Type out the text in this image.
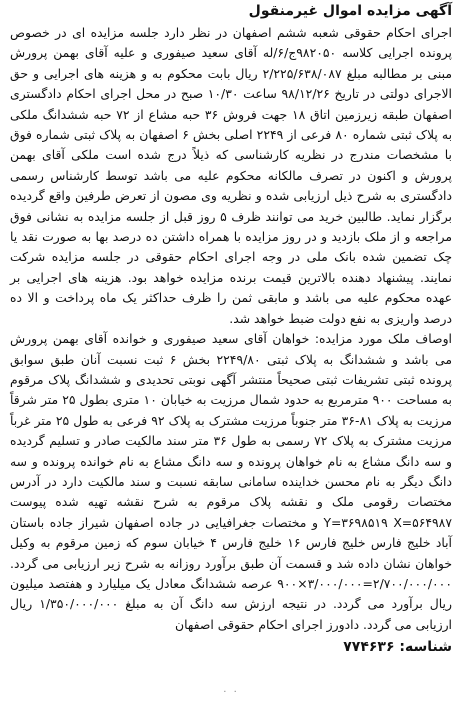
آگهی مزایده اموال غیرمنقول

اجرای احکام حقوقی شعبه ششم اصفهان در نظر دارد جلسه مزایده ای در خصوص پرونده اجرایی کلاسه ۹۸۲۰۵۰ج/۶/له آقای سعید صیفوری و علیه آقای بهمن پرورش مبنی بر مطالبه مبلغ ۲/۲۲۵/۶۳۸/۰۸۷ ریال بابت محکوم به و هزینه های اجرایی و حق الاجرای دولتی در تاریخ ۹۸/۱۲/۲۶ ساعت ۱۰/۳۰ صبح در محل اجرای احکام دادگستری اصفهان طبقه زیرزمین اتاق ۱۸ جهت فروش ۳۶ حبه مشاع از ۷۲ حبه ششدانگ ملکی به پلاک ثبتی شماره ۸۰ فرعی از ۲۲۴۹ اصلی بخش ۶ اصفهان به پلاک ثبتی شماره فوق با مشخصات مندرج در نظریه کارشناسی که ذیلاً درج شده است ملکی آقای بهمن پرورش و اکنون در تصرف مالکانه محکوم علیه می باشد توسط کارشناس رسمی دادگستری به شرح ذیل ارزیابی شده و نظریه وی مصون از تعرض طرفین واقع گردیده برگزار نماید. طالبین خرید می توانند ظرف ۵ روز قبل از جلسه مزایده به نشانی فوق مراجعه و از ملک بازدید و در روز مزایده با همراه داشتن ده درصد بها به صورت نقد یا چک تضمین شده بانک ملی در وجه اجرای احکام حقوقی در جلسه مزایده شرکت نمایند. پیشنهاد دهنده بالاترین قیمت برنده مزایده خواهد بود. هزینه های اجرایی بر عهده محکوم علیه می باشد و مابقی ثمن را ظرف حداکثر یک ماه پرداخت و الا ده درصد واریزی به نفع دولت ضبط خواهد شد.

اوصاف ملک مورد مزایده: خواهان آقای سعید صیفوری و خوانده آقای بهمن پرورش می باشد و ششدانگ به پلاک ثبتی ۲۲۴۹/۸۰ بخش ۶ ثبت نسبت آنان طبق سوابق پرونده ثبتی تشریفات ثبتی صحیحاً منتشر آگهی نوبتی تحدیدی و ششدانگ پلاک مرقوم به مساحت ۹۰۰ مترمربع به حدود شمال مرزیت به خیابان ۱۰ متری بطول ۲۵ متر شرقاً مرزیت به پلاک ۸۱-۳۶ متر جنوباً مرزیت مشترک به پلاک ۹۲ فرعی به طول ۲۵ متر غرباً مرزیت مشترک به پلاک ۷۲ رسمی به طول ۳۶ متر سند مالکیت صادر و تسلیم گردیده و سه دانگ مشاع به نام خواهان پرونده و سه دانگ مشاع به نام خوانده پرونده و سه دانگ دیگر به نام محسن خداینده سامانی سابقه نسبت و سند مالکیت دارد در آدرس مختصات رقومی ملک و نقشه پلاک مرقوم به شرح نقشه تهیه شده پیوست Y=۳۶۹۸۵۱۹ X=۵۶۴۹۸۷ و مختصات جغرافیایی در جاده اصفهان شیراز جاده باستان آباد خلیج فارس خلیج فارس ۱۶ خلیج فارس ۴ خیابان سوم که زمین مرقوم به وکیل خواهان نشان داده شد و قسمت آن طبق برآورد روزانه به شرح زیر ارزیابی می گردد. ۲/۷۰۰/۰۰۰/۰۰۰=۳/۰۰۰/۰۰۰×۹۰۰ عرصه ششدانگ معادل یک میلیارد و هفتصد میلیون ریال برآورد می گردد. در نتیجه ارزش سه دانگ آن به مبلغ ۱/۳۵۰/۰۰۰/۰۰۰ ریال ارزیابی می گردد. دادورز اجرای احکام حقوقی اصفهان

شناسه: ۷۷۴۶۳۶
· ·
